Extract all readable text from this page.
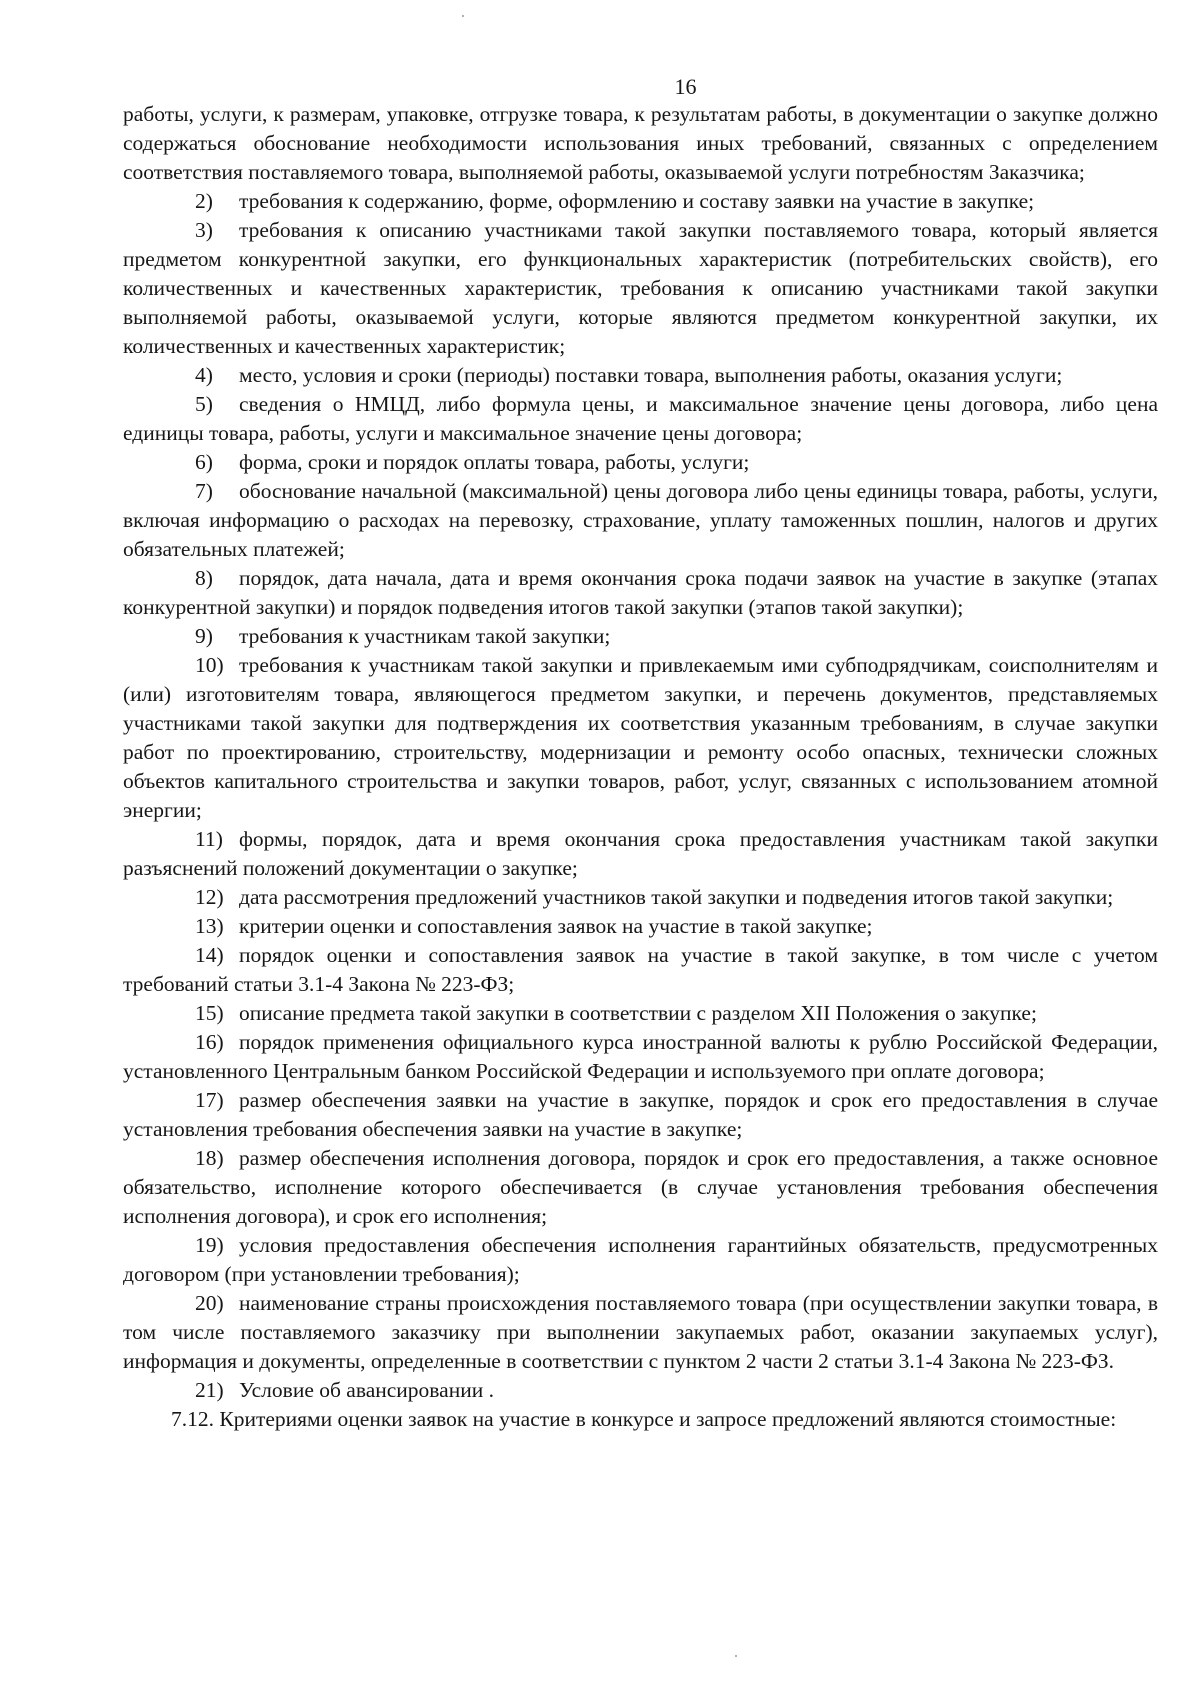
16

работы, услуги, к размерам, упаковке, отгрузке товара, к результатам работы, в документации о закупке должно содержаться обоснование необходимости использования иных требований, связанных с определением соответствия поставляемого товара, выполняемой работы, оказываемой услуги потребностям Заказчика;

2) требования к содержанию, форме, оформлению и составу заявки на участие в закупке;

3) требования к описанию участниками такой закупки поставляемого товара, который является предметом конкурентной закупки, его функциональных характеристик (потребительских свойств), его количественных и качественных характеристик, требования к описанию участниками такой закупки выполняемой работы, оказываемой услуги, которые являются предметом конкурентной закупки, их количественных и качественных характеристик;

4) место, условия и сроки (периоды) поставки товара, выполнения работы, оказания услуги;

5) сведения о НМЦД, либо формула цены, и максимальное значение цены договора, либо цена единицы товара, работы, услуги и максимальное значение цены договора;

6) форма, сроки и порядок оплаты товара, работы, услуги;

7) обоснование начальной (максимальной) цены договора либо цены единицы товара, работы, услуги, включая информацию о расходах на перевозку, страхование, уплату таможенных пошлин, налогов и других обязательных платежей;

8) порядок, дата начала, дата и время окончания срока подачи заявок на участие в закупке (этапах конкурентной закупки) и порядок подведения итогов такой закупки (этапов такой закупки);

9) требования к участникам такой закупки;

10) требования к участникам такой закупки и привлекаемым ими субподрядчикам, соисполнителям и (или) изготовителям товара, являющегося предметом закупки, и перечень документов, представляемых участниками такой закупки для подтверждения их соответствия указанным требованиям, в случае закупки работ по проектированию, строительству, модернизации и ремонту особо опасных, технически сложных объектов капитального строительства и закупки товаров, работ, услуг, связанных с использованием атомной энергии;

11) формы, порядок, дата и время окончания срока предоставления участникам такой закупки разъяснений положений документации о закупке;

12) дата рассмотрения предложений участников такой закупки и подведения итогов такой закупки;

13) критерии оценки и сопоставления заявок на участие в такой закупке;

14) порядок оценки и сопоставления заявок на участие в такой закупке, в том числе с учетом требований статьи 3.1-4 Закона № 223-ФЗ;

15) описание предмета такой закупки в соответствии с разделом XII Положения о закупке;

16) порядок применения официального курса иностранной валюты к рублю Российской Федерации, установленного Центральным банком Российской Федерации и используемого при оплате договора;

17) размер обеспечения заявки на участие в закупке, порядок и срок его предоставления в случае установления требования обеспечения заявки на участие в закупке;

18) размер обеспечения исполнения договора, порядок и срок его предоставления, а также основное обязательство, исполнение которого обеспечивается (в случае установления требования обеспечения исполнения договора), и срок его исполнения;

19) условия предоставления обеспечения исполнения гарантийных обязательств, предусмотренных договором (при установлении требования);

20) наименование страны происхождения поставляемого товара (при осуществлении закупки товара, в том числе поставляемого заказчику при выполнении закупаемых работ, оказании закупаемых услуг), информация и документы, определенные в соответствии с пунктом 2 части 2 статьи 3.1-4 Закона № 223-ФЗ.

21) Условие об авансировании .

7.12. Критериями оценки заявок на участие в конкурсе и запросе предложений являются стоимостные:
